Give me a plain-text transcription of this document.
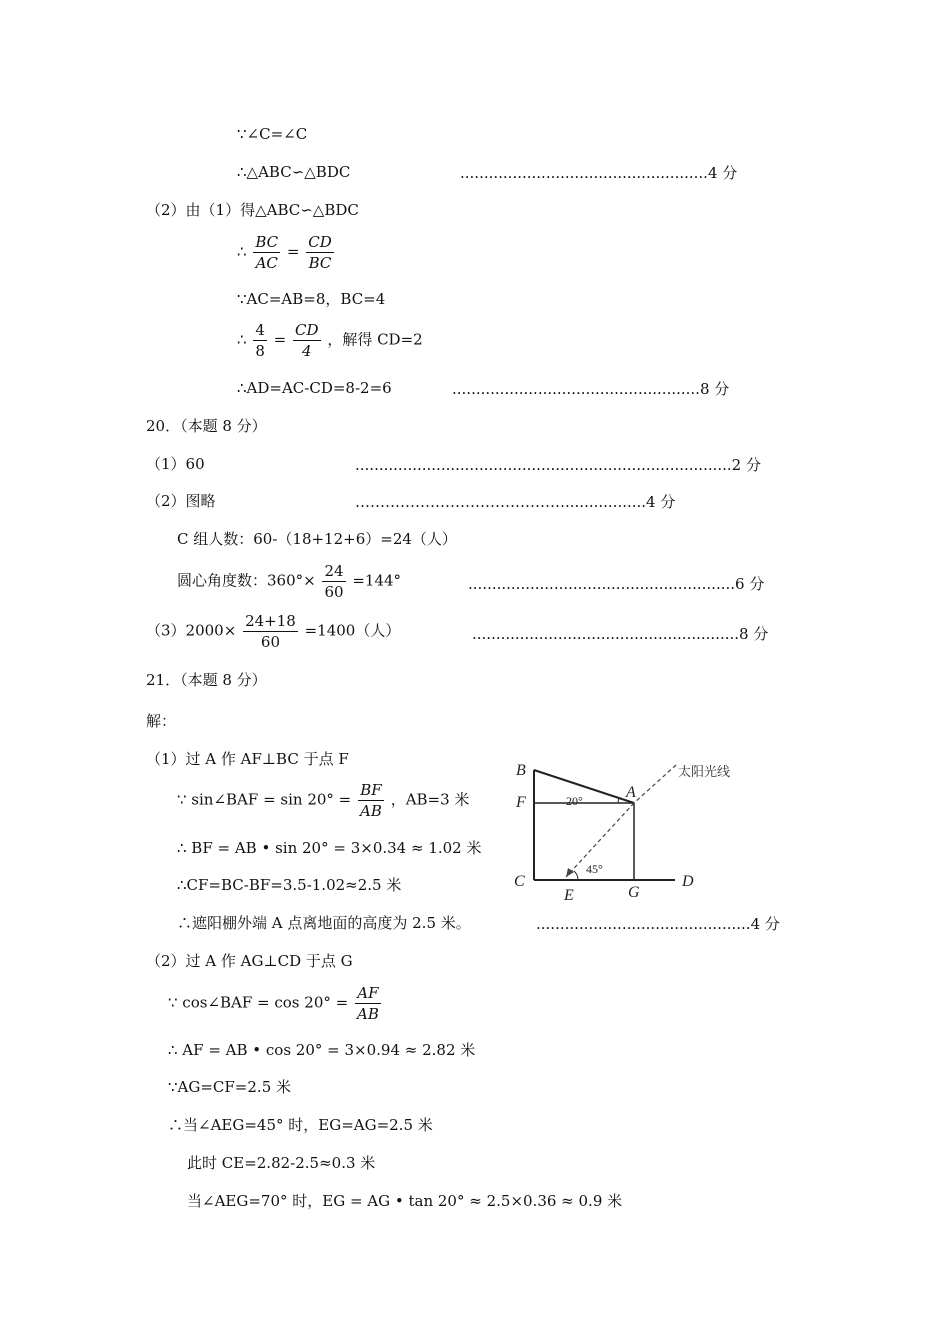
∵∠C=∠C
∴△ABC∽△BDC	....................................................4 分
（2）由（1）得△ABC∽△BDC
∴ $\frac{BC}{AC} = \frac{CD}{BC}$
∵AC=AB=8，BC=4
∴ $\frac{4}{8} = \frac{CD}{4}$ ，解得 CD=2
∴AD=AC-CD=8-2=6	....................................................8 分
20．（本题 8 分）
（1）60	...............................................................................2 分
（2）图略	…………………………………….................4 分
C 组人数：60-（18+12+6）=24（人）
圆心角度数：$360^\circ\times \frac{24}{60} =144^\circ$	........................................................6 分
$(3)2000\times \frac{24+18}{60} =1400$（人）	........................................................8 分
21．（本题 8 分）
解：
（1）过 A 作 AF⊥BC 于点 F
∵ sin∠BAF = $\sin 20^\circ = \frac{BF}{AB}$ ，AB=3 米
∴ BF = AB • sin 20° = 3×0.34 ≈ 1.02 米
∴CF=BC-BF=3.5-1.02≈2.5 米
∴遮阳棚外端 A 点离地面的高度为 2.5 米。	.............................................4 分
（2）过 A 作 AG⊥CD 于点 G
∵ cos∠BAF = $\cos 20^\circ = \frac{AF}{AB}$
∴ AF = AB • cos 20° = 3×0.94 ≈ 2.82 米
∵AG=CF=2.5 米
∴当∠AEG=45° 时，EG=AG=2.5 米
此时 CE=2.82-2.5≈0.3 米
当∠AEG=70° 时，EG = AG • tan 20° ≈ 2.5×0.36 ≈ 0.9 米
B
F
C
E	G
D
A
20°
45°
太阳光线
